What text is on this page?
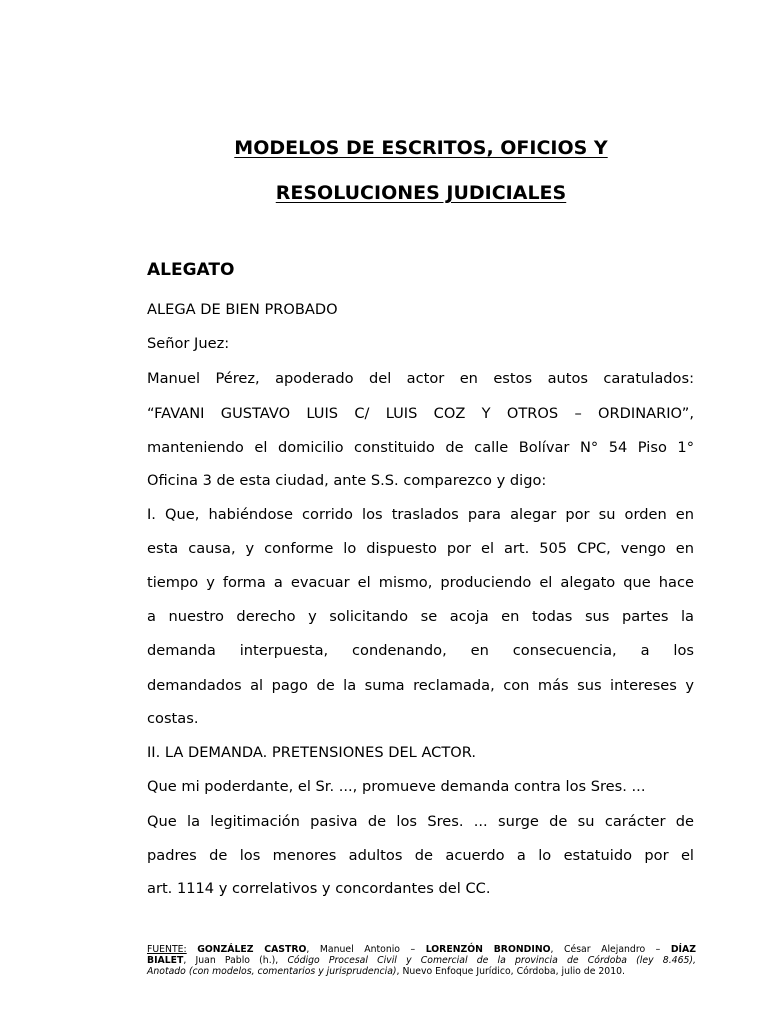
MODELOS DE ESCRITOS, OFICIOS Y
RESOLUCIONES JUDICIALES
ALEGATO
ALEGA DE BIEN PROBADO
Señor Juez:
Manuel Pérez, apoderado del actor en estos autos caratulados:
“FAVANI GUSTAVO LUIS C/ LUIS COZ Y OTROS – ORDINARIO”,
manteniendo el domicilio constituido de calle Bolívar N° 54 Piso 1°
Oficina 3 de esta ciudad, ante S.S. comparezco y digo:
I. Que, habiéndose corrido los traslados para alegar por su orden en
esta causa, y conforme lo dispuesto por el art. 505 CPC, vengo en
tiempo y forma a evacuar el mismo, produciendo el alegato que hace
a nuestro derecho y solicitando se acoja en todas sus partes la
demanda interpuesta, condenando, en consecuencia, a los
demandados al pago de la suma reclamada, con más sus intereses y
costas.
II. LA DEMANDA. PRETENSIONES DEL ACTOR.
Que mi poderdante, el Sr. ..., promueve demanda contra los Sres. ...
Que la legitimación pasiva de los Sres. ... surge de su carácter de
padres de los menores adultos de acuerdo a lo estatuido por el
art. 1114 y correlativos y concordantes del CC.
FUENTE: GONZÁLEZ CASTRO, Manuel Antonio – LORENZÓN BRONDINO, César Alejandro – DÍAZ
BIALET, Juan Pablo (h.), Código Procesal Civil y Comercial de la provincia de Córdoba (ley 8.465),
Anotado (con modelos, comentarios y jurisprudencia), Nuevo Enfoque Jurídico, Córdoba, julio de 2010.
